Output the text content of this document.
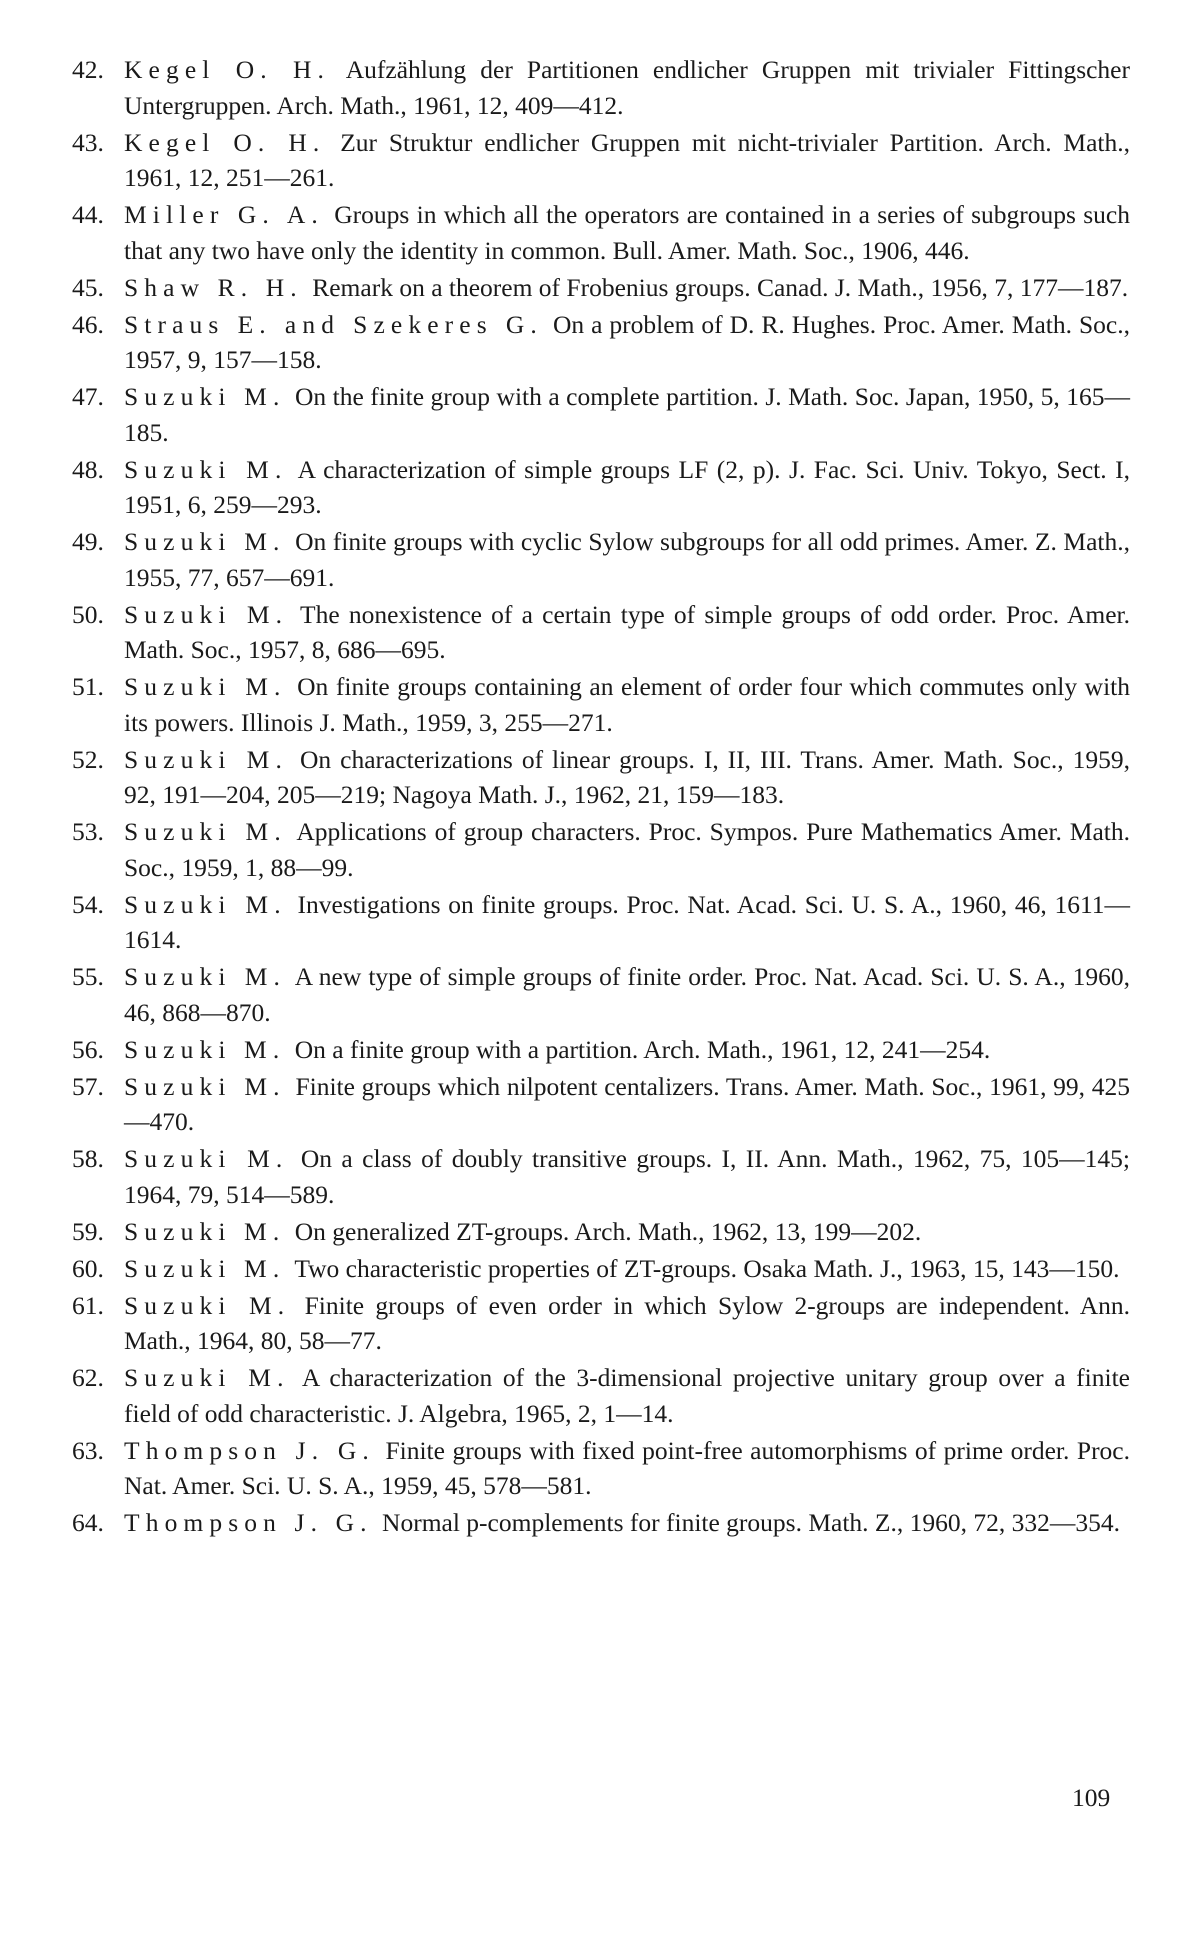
42. Kegel O. H. Aufzählung der Partitionen endlicher Gruppen mit trivialer Fittingscher Untergruppen. Arch. Math., 1961, 12, 409—412.
43. Kegel O. H. Zur Struktur endlicher Gruppen mit nicht-trivialer Partition. Arch. Math., 1961, 12, 251—261.
44. Miller G. A. Groups in which all the operators are contained in a series of subgroups such that any two have only the identity in common. Bull. Amer. Math. Soc., 1906, 446.
45. Shaw R. H. Remark on a theorem of Frobenius groups. Canad. J. Math., 1956, 7, 177—187.
46. Straus E. and Szekeres G. On a problem of D. R. Hughes. Proc. Amer. Math. Soc., 1957, 9, 157—158.
47. Suzuki M. On the finite group with a complete partition. J. Math. Soc. Japan, 1950, 5, 165—185.
48. Suzuki M. A characterization of simple groups LF (2, p). J. Fac. Sci. Univ. Tokyo, Sect. I, 1951, 6, 259—293.
49. Suzuki M. On finite groups with cyclic Sylow subgroups for all odd primes. Amer. Z. Math., 1955, 77, 657—691.
50. Suzuki M. The nonexistence of a certain type of simple groups of odd order. Proc. Amer. Math. Soc., 1957, 8, 686—695.
51. Suzuki M. On finite groups containing an element of order four which commutes only with its powers. Illinois J. Math., 1959, 3, 255—271.
52. Suzuki M. On characterizations of linear groups. I, II, III. Trans. Amer. Math. Soc., 1959, 92, 191—204, 205—219; Nagoya Math. J., 1962, 21, 159—183.
53. Suzuki M. Applications of group characters. Proc. Sympos. Pure Mathematics Amer. Math. Soc., 1959, 1, 88—99.
54. Suzuki M. Investigations on finite groups. Proc. Nat. Acad. Sci. U. S. A., 1960, 46, 1611—1614.
55. Suzuki M. A new type of simple groups of finite order. Proc. Nat. Acad. Sci. U. S. A., 1960, 46, 868—870.
56. Suzuki M. On a finite group with a partition. Arch. Math., 1961, 12, 241—254.
57. Suzuki M. Finite groups which nilpotent centalizers. Trans. Amer. Math. Soc., 1961, 99, 425—470.
58. Suzuki M. On a class of doubly transitive groups. I, II. Ann. Math., 1962, 75, 105—145; 1964, 79, 514—589.
59. Suzuki M. On generalized ZT-groups. Arch. Math., 1962, 13, 199—202.
60. Suzuki M. Two characteristic properties of ZT-groups. Osaka Math. J., 1963, 15, 143—150.
61. Suzuki M. Finite groups of even order in which Sylow 2-groups are independent. Ann. Math., 1964, 80, 58—77.
62. Suzuki M. A characterization of the 3-dimensional projective unitary group over a finite field of odd characteristic. J. Algebra, 1965, 2, 1—14.
63. Thompson J. G. Finite groups with fixed point-free automorphisms of prime order. Proc. Nat. Amer. Sci. U. S. A., 1959, 45, 578—581.
64. Thompson J. G. Normal p-complements for finite groups. Math. Z., 1960, 72, 332—354.
109
